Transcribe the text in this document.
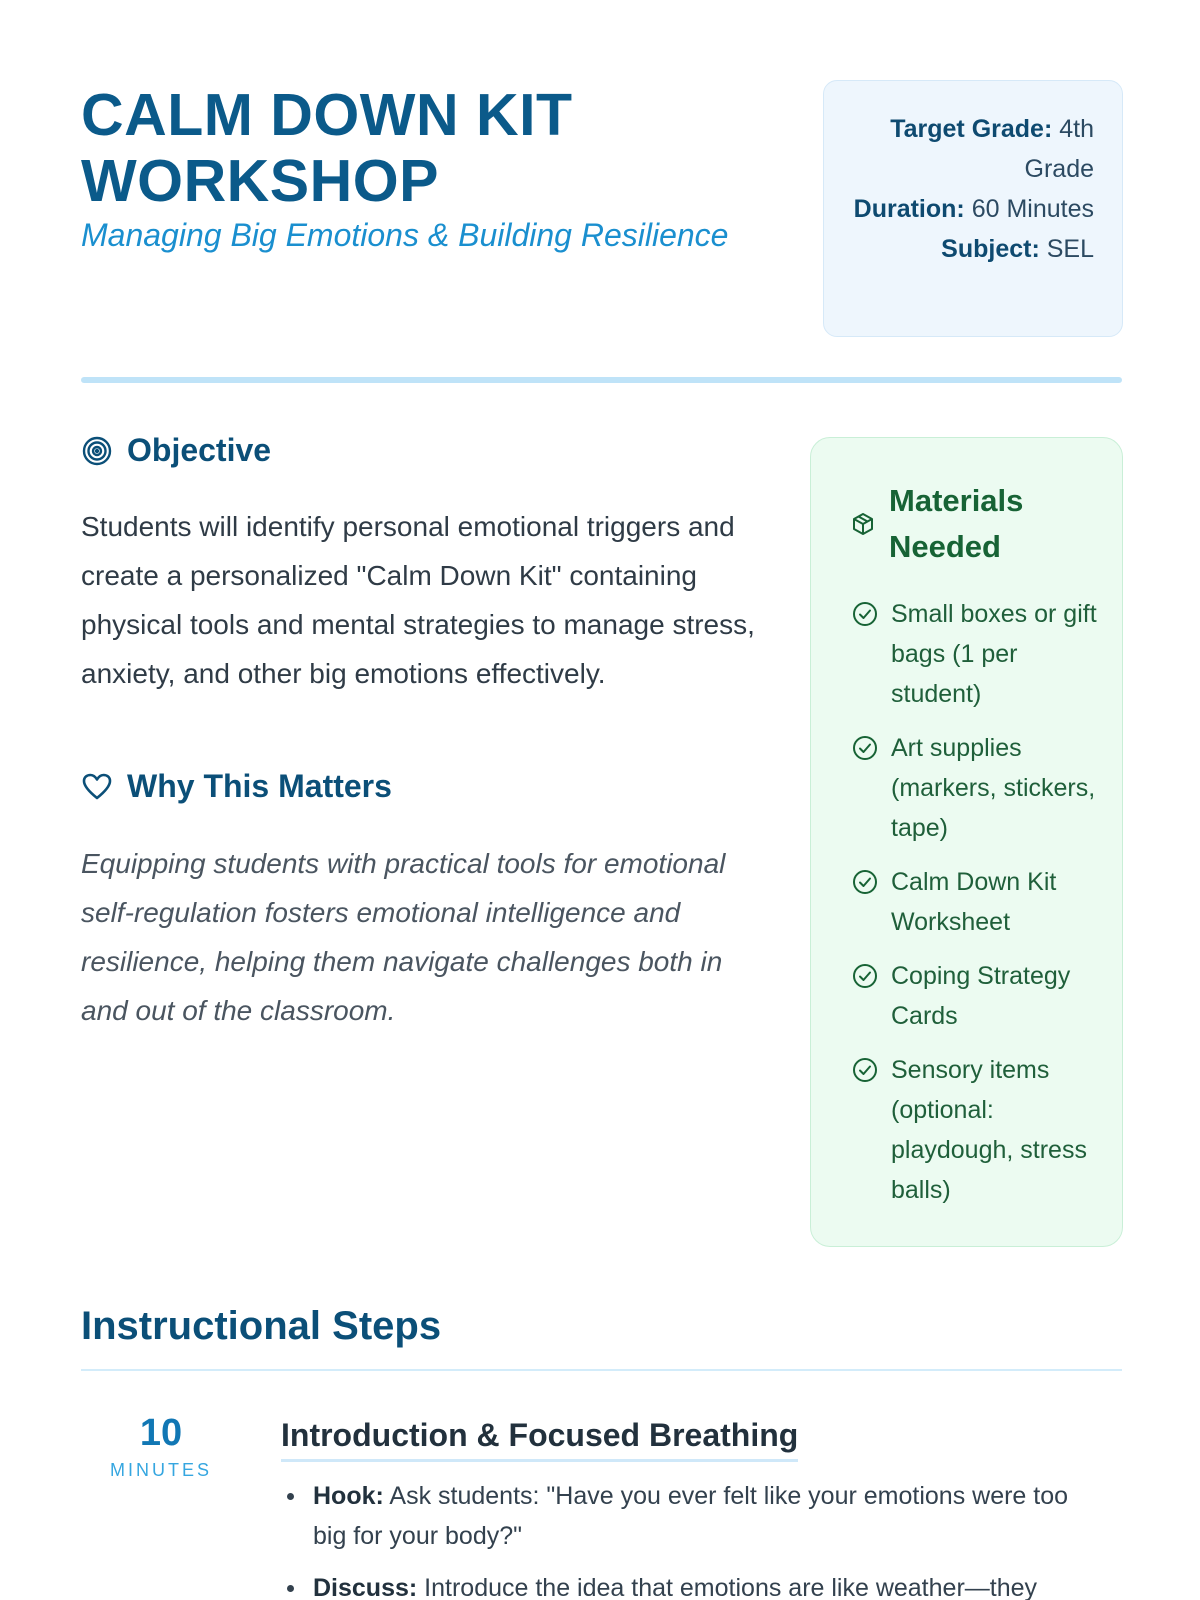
CALM DOWN KIT
WORKSHOP
Managing Big Emotions & Building Resilience
Target Grade: 4th Grade
Duration: 60 Minutes
Subject: SEL
Objective

Students will identify personal emotional triggers and create a personalized "Calm Down Kit" containing physical tools and mental strategies to manage stress, anxiety, and other big emotions effectively.

Why This Matters

Equipping students with practical tools for emotional self-regulation fosters emotional intelligence and resilience, helping them navigate challenges both in and out of the classroom.

Materials Needed
Small boxes or gift bags (1 per student)
Art supplies (markers, stickers, tape)
Calm Down Kit Worksheet
Coping Strategy Cards
Sensory items (optional: playdough, stress balls)
Instructional Steps
10
MINUTES
Introduction & Focused Breathing
Hook: Ask students: "Have you ever felt like your emotions were too big for your body?"
Discuss: Introduce the idea that emotions are like weather—they
